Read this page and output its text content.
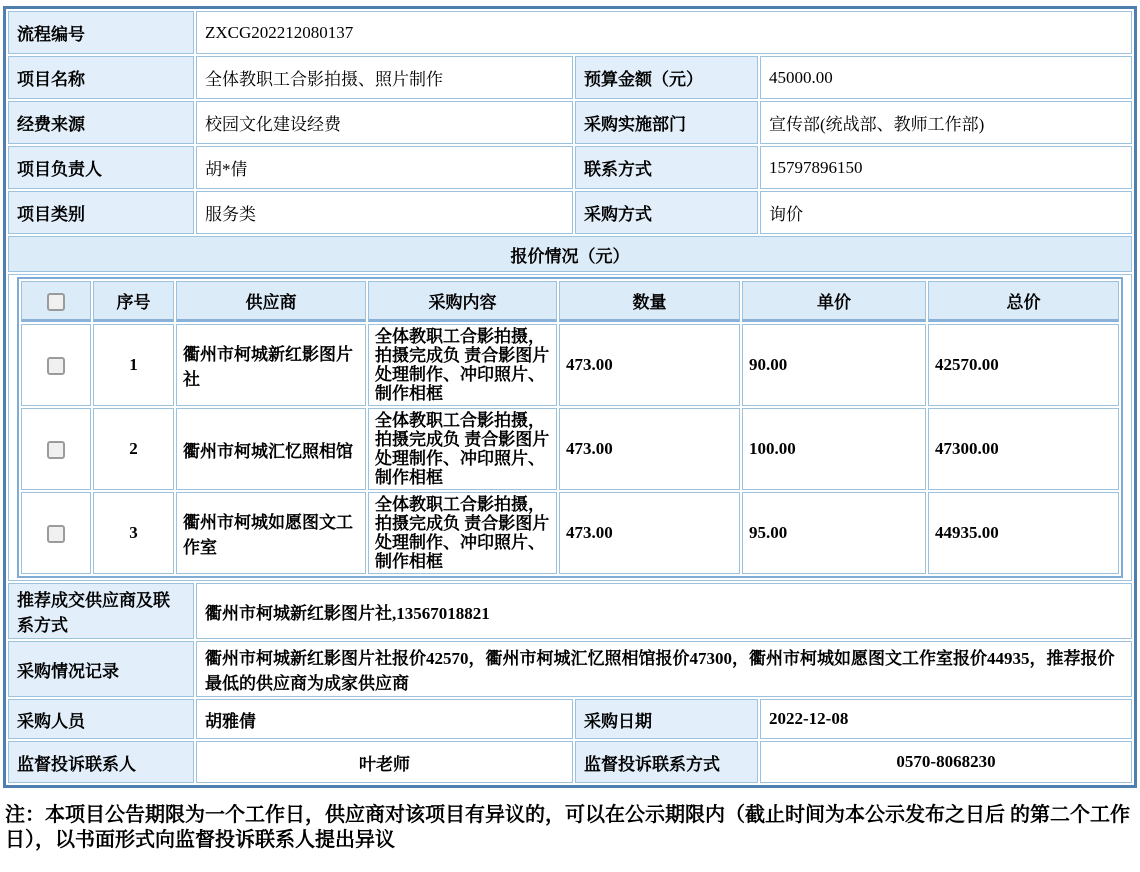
流程编号	ZXCG202212080137
项目名称	全体教职工合影拍摄、照片制作	预算金额（元）	45000.00
经费来源	校园文化建设经费	采购实施部门	宣传部(统战部、教师工作部)
项目负责人	胡*倩	联系方式	15797896150
项目类别	服务类	采购方式	询价
报价情况（元）

	序号	供应商	采购内容	数量	单价	总价
	1	衢州市柯城新红影图片社	全体教职工合影拍摄，拍摄完成负 责合影图片处理制作、冲印照片、制作相框	473.00	90.00	42570.00
	2	衢州市柯城汇忆照相馆	全体教职工合影拍摄，拍摄完成负 责合影图片处理制作、冲印照片、制作相框	473.00	100.00	47300.00
	3	衢州市柯城如愿图文工作室	全体教职工合影拍摄，拍摄完成负 责合影图片处理制作、冲印照片、制作相框	473.00	95.00	44935.00

推荐成交供应商及联系方式	衢州市柯城新红影图片社,13567018821
采购情况记录	衢州市柯城新红影图片社报价42570，衢州市柯城汇忆照相馆报价47300，衢州市柯城如愿图文工作室报价44935，推荐报价最低的供应商为成家供应商
采购人员	胡雅倩	采购日期	2022-12-08
监督投诉联系人	叶老师	监督投诉联系方式	0570-8068230
注：本项目公告期限为一个工作日，供应商对该项目有异议的，可以在公示期限内（截止时间为本公示发布之日后 的第二个工作日），以书面形式向监督投诉联系人提出异议
